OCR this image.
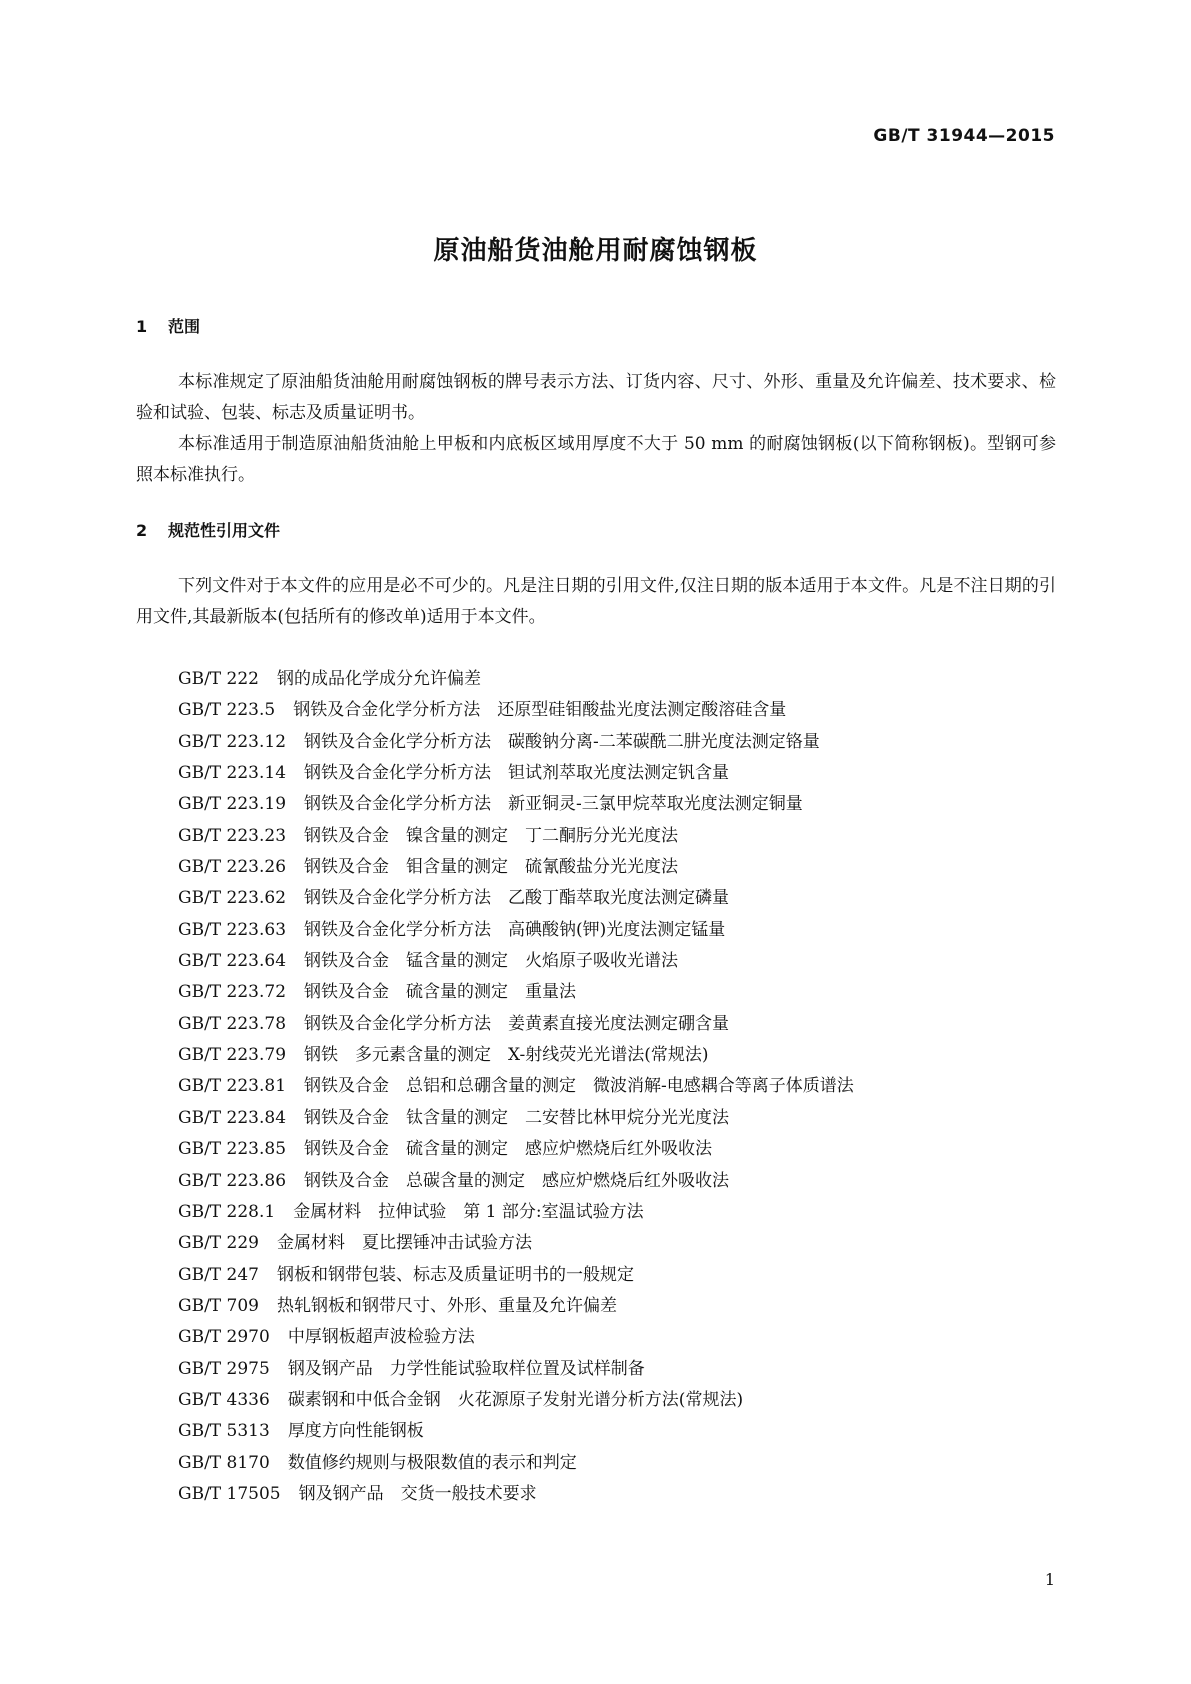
GB/T 31944—2015
原油船货油舱用耐腐蚀钢板
1 范围

本标准规定了原油船货油舱用耐腐蚀钢板的牌号表示方法、订货内容、尺寸、外形、重量及允许偏差、技术要求、检验和试验、包装、标志及质量证明书。

本标准适用于制造原油船货油舱上甲板和内底板区域用厚度不大于 50 mm 的耐腐蚀钢板(以下简称钢板)。型钢可参照本标准执行。

2 规范性引用文件

下列文件对于本文件的应用是必不可少的。凡是注日期的引用文件,仅注日期的版本适用于本文件。凡是不注日期的引用文件,其最新版本(包括所有的修改单)适用于本文件。

GB/T 222 钢的成品化学成分允许偏差
GB/T 223.5 钢铁及合金化学分析方法　还原型硅钼酸盐光度法测定酸溶硅含量
GB/T 223.12 钢铁及合金化学分析方法　碳酸钠分离-二苯碳酰二肼光度法测定铬量
GB/T 223.14 钢铁及合金化学分析方法　钽试剂萃取光度法测定钒含量
GB/T 223.19 钢铁及合金化学分析方法　新亚铜灵-三氯甲烷萃取光度法测定铜量
GB/T 223.23 钢铁及合金　镍含量的测定　丁二酮肟分光光度法
GB/T 223.26 钢铁及合金　钼含量的测定　硫氰酸盐分光光度法
GB/T 223.62 钢铁及合金化学分析方法　乙酸丁酯萃取光度法测定磷量
GB/T 223.63 钢铁及合金化学分析方法　高碘酸钠(钾)光度法测定锰量
GB/T 223.64 钢铁及合金　锰含量的测定　火焰原子吸收光谱法
GB/T 223.72 钢铁及合金　硫含量的测定　重量法
GB/T 223.78 钢铁及合金化学分析方法　姜黄素直接光度法测定硼含量
GB/T 223.79 钢铁　多元素含量的测定　X-射线荧光光谱法(常规法)
GB/T 223.81 钢铁及合金　总铝和总硼含量的测定　微波消解-电感耦合等离子体质谱法
GB/T 223.84 钢铁及合金　钛含量的测定　二安替比林甲烷分光光度法
GB/T 223.85 钢铁及合金　硫含量的测定　感应炉燃烧后红外吸收法
GB/T 223.86 钢铁及合金　总碳含量的测定　感应炉燃烧后红外吸收法
GB/T 228.1 金属材料　拉伸试验　第 1 部分:室温试验方法
GB/T 229 金属材料　夏比摆锤冲击试验方法
GB/T 247 钢板和钢带包装、标志及质量证明书的一般规定
GB/T 709 热轧钢板和钢带尺寸、外形、重量及允许偏差
GB/T 2970 中厚钢板超声波检验方法
GB/T 2975 钢及钢产品　力学性能试验取样位置及试样制备
GB/T 4336 碳素钢和中低合金钢　火花源原子发射光谱分析方法(常规法)
GB/T 5313 厚度方向性能钢板
GB/T 8170 数值修约规则与极限数值的表示和判定
GB/T 17505 钢及钢产品　交货一般技术要求
1
